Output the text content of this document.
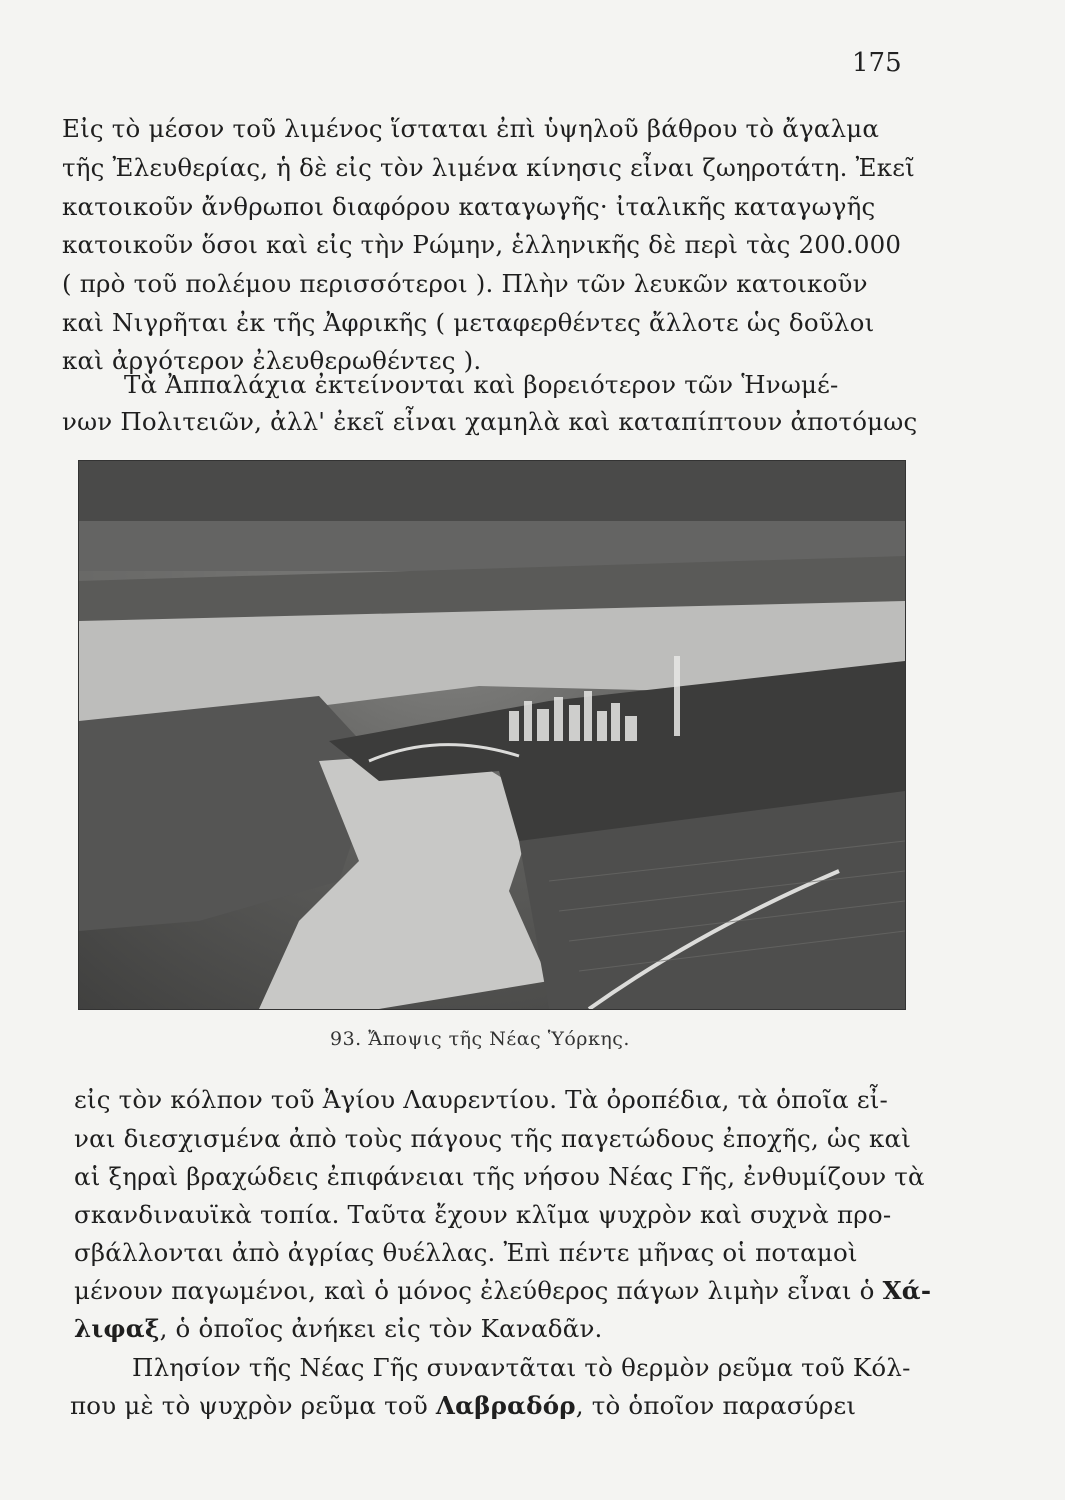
175
Εἰς τὸ μέσον τοῦ λιμένος ἵσταται ἐπὶ ὑψηλοῦ βάθρου τὸ ἄγαλμα
τῆς Ἐλευθερίας, ἡ δὲ εἰς τὸν λιμένα κίνησις εἶναι ζωηροτάτη. Ἐκεῖ
κατοικοῦν ἄνθρωποι διαφόρου καταγωγῆς· ἰταλικῆς καταγωγῆς
κατοικοῦν ὅσοι καὶ εἰς τὴν Ρώμην, ἑλληνικῆς δὲ περὶ τὰς 200.000
( πρὸ τοῦ πολέμου περισσότεροι ). Πλὴν τῶν λευκῶν κατοικοῦν
καὶ Νιγρῆται ἐκ τῆς Ἀφρικῆς ( μεταφερθέντες ἄλλοτε ὡς δοῦλοι
καὶ ἀργότερον ἐλευθερωθέντες ).
Τὰ Ἀππαλάχια ἐκτείνονται καὶ βορειότερον τῶν Ἡνωμέ-
νων Πολιτειῶν, ἀλλ' ἐκεῖ εἶναι χαμηλὰ καὶ καταπίπτουν ἀποτόμως
93. Ἄποψις τῆς Νέας Ὑόρκης.
εἰς τὸν κόλπον τοῦ Ἁγίου Λαυρεντίου. Τὰ ὀροπέδια, τὰ ὁποῖα εἶ-
ναι διεσχισμένα ἀπὸ τοὺς πάγους τῆς παγετώδους ἐποχῆς, ὡς καὶ
αἱ ξηραὶ βραχώδεις ἐπιφάνειαι τῆς νήσου Νέας Γῆς, ἐνθυμίζουν τὰ
σκανδιναυϊκὰ τοπία. Ταῦτα ἔχουν κλῖμα ψυχρὸν καὶ συχνὰ προ-
σβάλλονται ἀπὸ ἀγρίας θυέλλας. Ἐπὶ πέντε μῆνας οἱ ποταμοὶ
μένουν παγωμένοι, καὶ ὁ μόνος ἐλεύθερος πάγων λιμὴν εἶναι ὁ Χά-
λιφαξ, ὁ ὁποῖος ἀνήκει εἰς τὸν Καναδᾶν.
Πλησίον τῆς Νέας Γῆς συναντᾶται τὸ θερμὸν ρεῦμα τοῦ Κόλ-
που μὲ τὸ ψυχρὸν ρεῦμα τοῦ Λαβραδόρ, τὸ ὁποῖον παρασύρει
